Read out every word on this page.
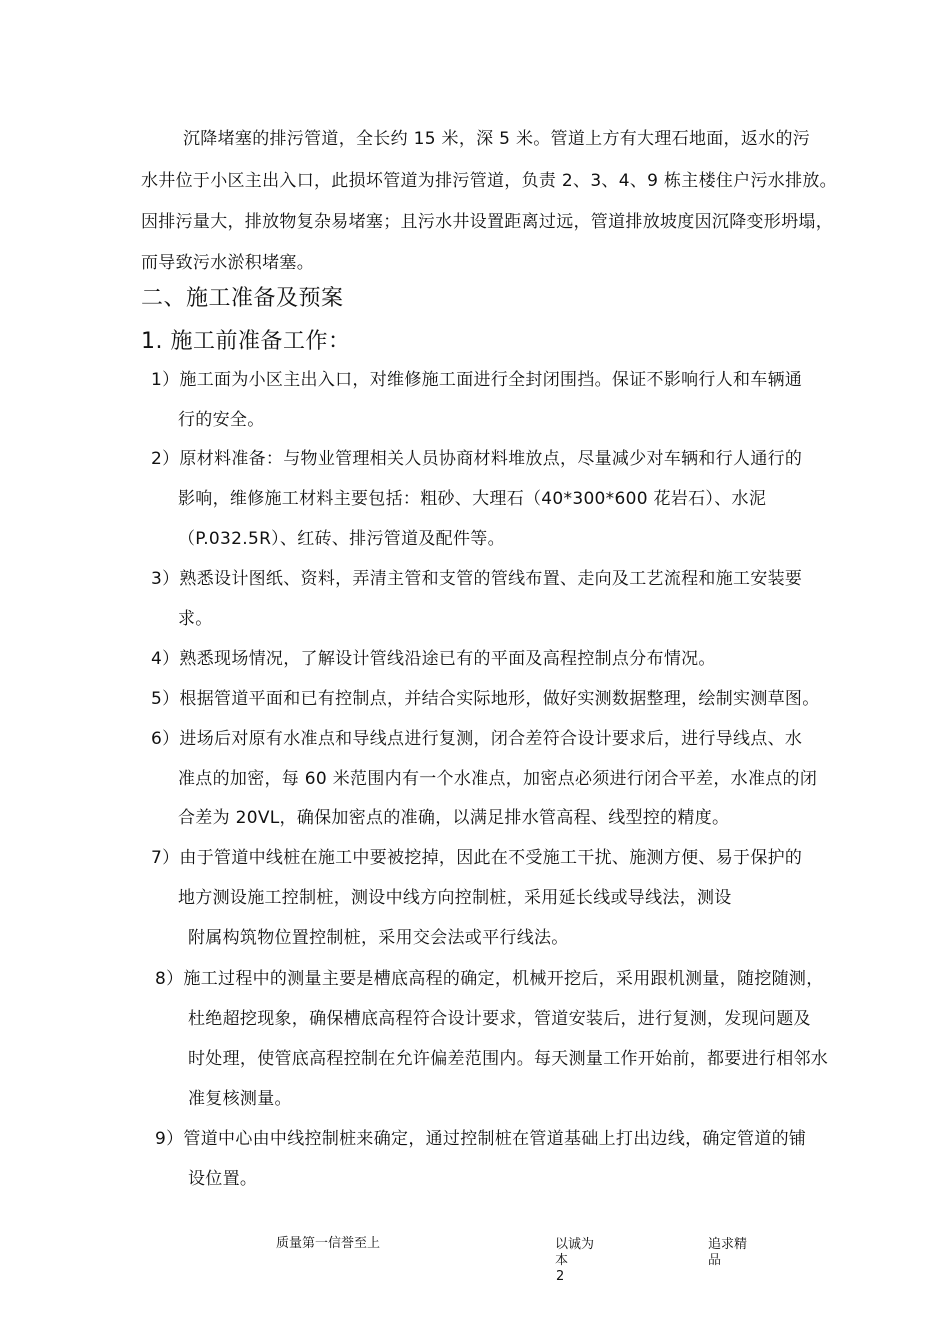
沉降堵塞的排污管道，全长约 15 米，深 5 米。管道上方有大理石地面，返水的污
水井位于小区主出入口，此损坏管道为排污管道，负责 2、3、4、9 栋主楼住户污水排放。
因排污量大，排放物复杂易堵塞；且污水井设置距离过远，管道排放坡度因沉降变形坍塌，
而导致污水淤积堵塞。
二、施工准备及预案
1. 施工前准备工作：
1）施工面为小区主出入口，对维修施工面进行全封闭围挡。保证不影响行人和车辆通
行的安全。
2）原材料准备：与物业管理相关人员协商材料堆放点，尽量减少对车辆和行人通行的
影响，维修施工材料主要包括：粗砂、大理石（40*300*600 花岩石）、水泥
（P.032.5R）、红砖、排污管道及配件等。
3）熟悉设计图纸、资料，弄清主管和支管的管线布置、走向及工艺流程和施工安装要
求。
4）熟悉现场情况，了解设计管线沿途已有的平面及高程控制点分布情况。
5）根据管道平面和已有控制点，并结合实际地形，做好实测数据整理，绘制实测草图。
6）进场后对原有水准点和导线点进行复测，闭合差符合设计要求后，进行导线点、水
准点的加密，每 60 米范围内有一个水准点，加密点必须进行闭合平差，水准点的闭
合差为 20VL，确保加密点的准确，以满足排水管高程、线型控的精度。
7）由于管道中线桩在施工中要被挖掉，因此在不受施工干扰、施测方便、易于保护的
地方测设施工控制桩，测设中线方向控制桩，采用延长线或导线法，测设
附属构筑物位置控制桩，采用交会法或平行线法。
8）施工过程中的测量主要是槽底高程的确定，机械开挖后，采用跟机测量，随挖随测，
杜绝超挖现象，确保槽底高程符合设计要求，管道安装后，进行复测，发现问题及
时处理，使管底高程控制在允许偏差范围内。每天测量工作开始前，都要进行相邻水
准复核测量。
9）管道中心由中线控制桩来确定，通过控制桩在管道基础上打出边线，确定管道的铺
设位置。
质量第一信誉至上	以诚为
本
2
追求精
品
